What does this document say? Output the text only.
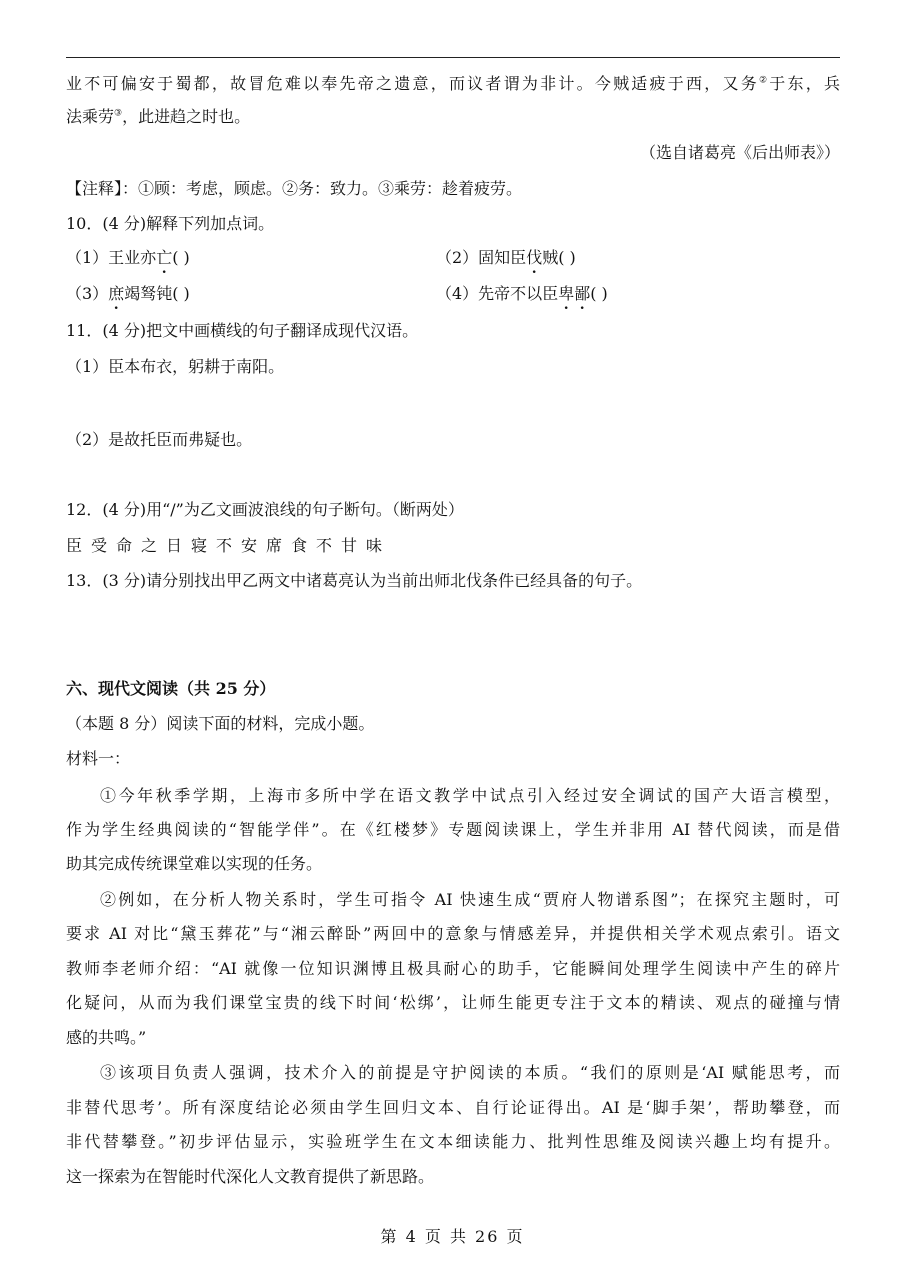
业不可偏安于蜀都，故冒危难以奉先帝之遗意，而议者谓为非计。今贼适疲于西，又务②于东，兵
法乘劳③，此进趋之时也。
（选自诸葛亮《后出师表》）
【注释】：①顾：考虑，顾虑。②务：致力。③乘劳：趁着疲劳。
10．(4 分)解释下列加点词。
（1）王业亦亡( )	（2）固知臣伐贼( )
（3）庶竭驽钝( )	（4）先帝不以臣卑鄙( )
11．(4 分)把文中画横线的句子翻译成现代汉语。
（1）臣本布衣，躬耕于南阳。
（2）是故托臣而弗疑也。
12．(4 分)用“/”为乙文画波浪线的句子断句。（断两处）
臣受命之日寝不安席食不甘味
13．(3 分)请分别找出甲乙两文中诸葛亮认为当前出师北伐条件已经具备的句子。
六、现代文阅读（共 25 分）
（本题 8 分）阅读下面的材料，完成小题。
材料一：
①今年秋季学期，上海市多所中学在语文教学中试点引入经过安全调试的国产大语言模型，
作为学生经典阅读的“智能学伴”。在《红楼梦》专题阅读课上，学生并非用 AI 替代阅读，而是借
助其完成传统课堂难以实现的任务。
②例如，在分析人物关系时，学生可指令 AI 快速生成“贾府人物谱系图”；在探究主题时，可
要求 AI 对比“黛玉葬花”与“湘云醉卧”两回中的意象与情感差异，并提供相关学术观点索引。语文
教师李老师介绍：“AI 就像一位知识渊博且极具耐心的助手，它能瞬间处理学生阅读中产生的碎片
化疑问，从而为我们课堂宝贵的线下时间‘松绑’，让师生能更专注于文本的精读、观点的碰撞与情
感的共鸣。”
③该项目负责人强调，技术介入的前提是守护阅读的本质。“我们的原则是‘AI 赋能思考，而
非替代思考’。所有深度结论必须由学生回归文本、自行论证得出。AI 是‘脚手架’，帮助攀登，而
非代替攀登。”初步评估显示，实验班学生在文本细读能力、批判性思维及阅读兴趣上均有提升。
这一探索为在智能时代深化人文教育提供了新思路。
第 4 页 共 26 页
